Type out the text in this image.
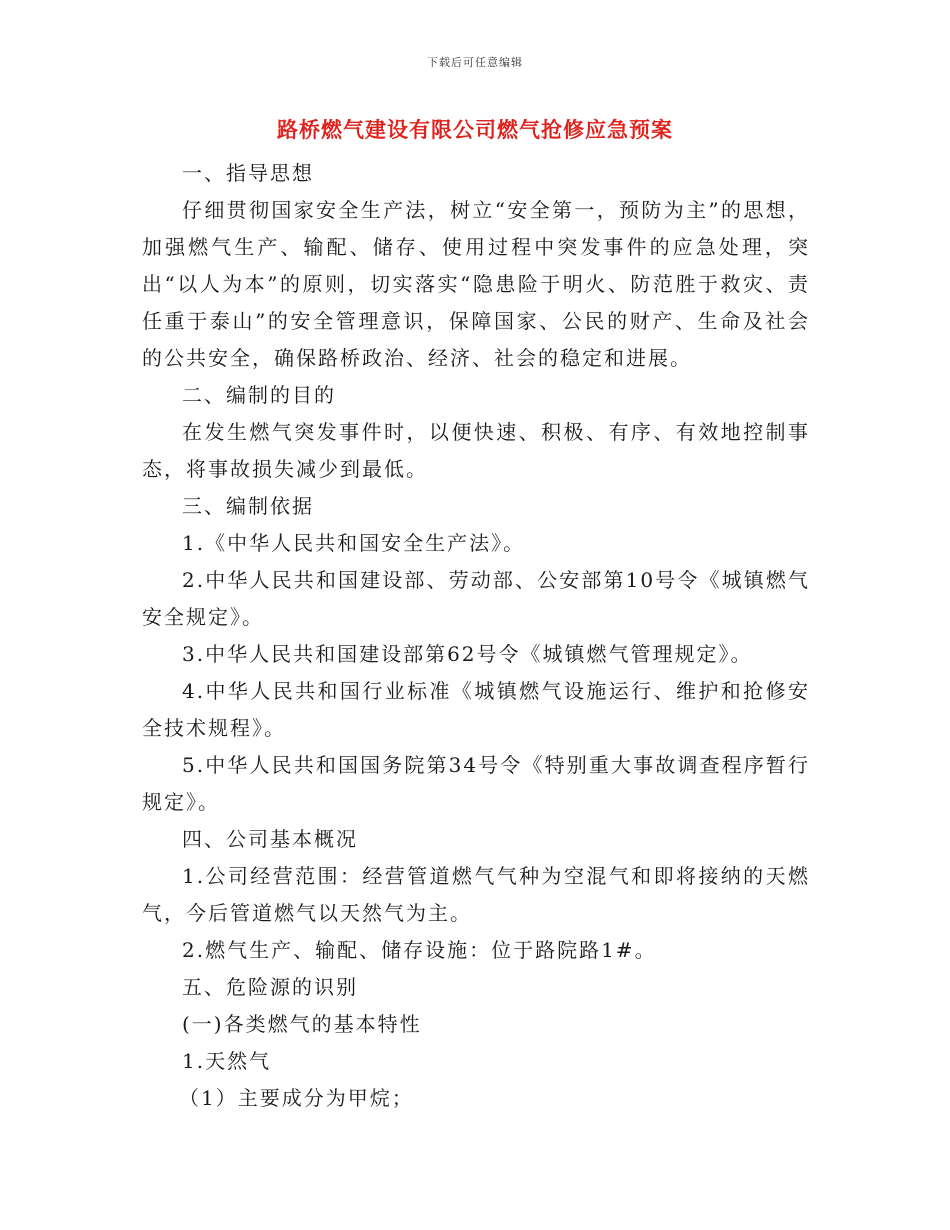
下载后可任意编辑
路桥燃气建设有限公司燃气抢修应急预案

一、指导思想

仔细贯彻国家安全生产法，树立“安全第一，预防为主”的思想，加强燃气生产、输配、储存、使用过程中突发事件的应急处理，突出“以人为本”的原则，切实落实“隐患险于明火、防范胜于救灾、责任重于泰山”的安全管理意识，保障国家、公民的财产、生命及社会的公共安全，确保路桥政治、经济、社会的稳定和进展。

二、编制的目的

在发生燃气突发事件时，以便快速、积极、有序、有效地控制事态，将事故损失减少到最低。

三、编制依据

1.《中华人民共和国安全生产法》。

2.中华人民共和国建设部、劳动部、公安部第10号令《城镇燃气安全规定》。

3.中华人民共和国建设部第62号令《城镇燃气管理规定》。

4.中华人民共和国行业标准《城镇燃气设施运行、维护和抢修安全技术规程》。

5.中华人民共和国国务院第34号令《特别重大事故调查程序暂行规定》。

四、公司基本概况

1.公司经营范围：经营管道燃气气种为空混气和即将接纳的天燃气，今后管道燃气以天然气为主。

2.燃气生产、输配、储存设施：位于路院路1#。

五、危险源的识别

(一)各类燃气的基本特性

1.天然气

（1）主要成分为甲烷；
